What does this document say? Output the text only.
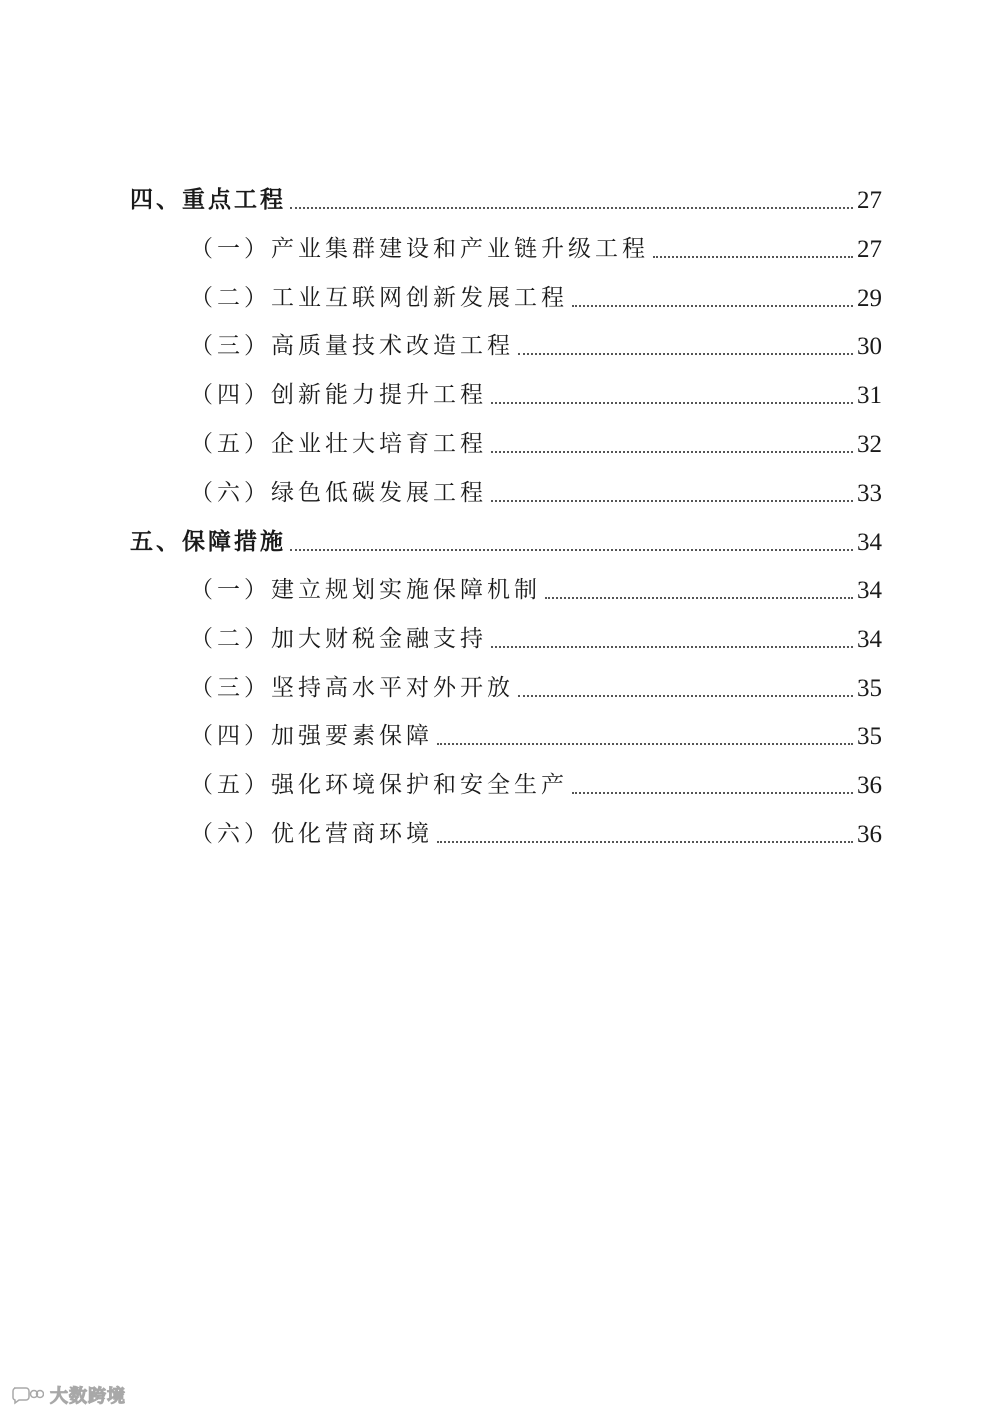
四、重点工程	27
（一）产业集群建设和产业链升级工程	27
（二）工业互联网创新发展工程	29
（三）高质量技术改造工程	30
（四）创新能力提升工程	31
（五）企业壮大培育工程	32
（六）绿色低碳发展工程	33
五、保障措施	34
（一）建立规划实施保障机制	34
（二）加大财税金融支持	34
（三）坚持高水平对外开放	35
（四）加强要素保障	35
（五）强化环境保护和安全生产	36
（六）优化营商环境	36
大数跨境
